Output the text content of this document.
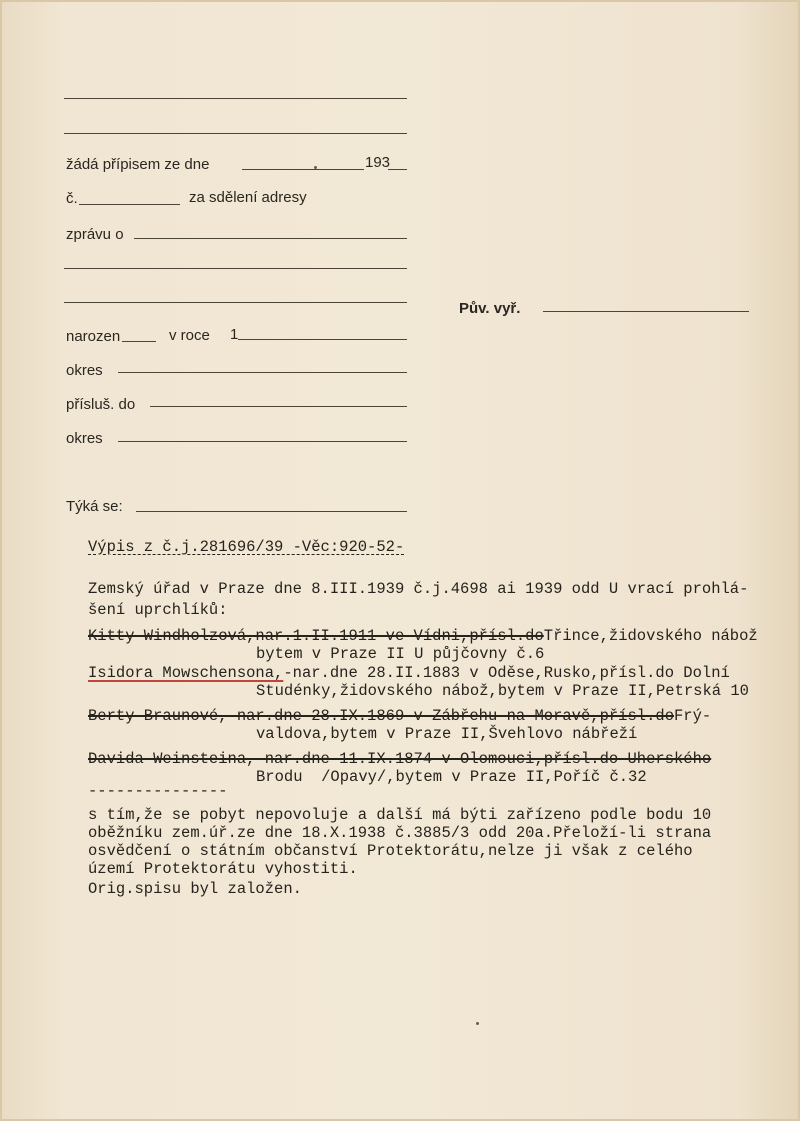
žádá přípisem ze dne	193
č.	za sdělení adresy
zprávu o
Pův. vyř.
narozen	v roce 1
okres
přísluš. do
okres
Týká se:
Výpis z č.j.281696/39 -Věc:920-52-
Zemský úřad v Praze dne 8.III.1939 č.j.4698 ai 1939 odd U vrací prohlá-
šení uprchlíků:
Kitty Windholzová,nar.1.II.1911 ve Vídni,přísl.doTřince,židovského nábož
bytem v Praze II U půjčovny č.6
Isidora Mowschensona,-nar.dne 28.II.1883 v Oděse,Rusko,přísl.do Dolní
Studénky,židovského nábož,bytem v Praze II,Petrská 10
Berty Braunové,-nar.dne 28.IX.1869 v Zábřehu na Moravě,přísl.doFrý-
valdova,bytem v Praze II,Švehlovo nábřeží
Davida Weinsteina,-nar.dne 11.IX.1874 v Olomouci,přísl.do Uherského
Brodu  /Opavy/,bytem v Praze II,Poříč č.32
---------------
s tím,že se pobyt nepovoluje a další má býti zařízeno podle bodu 10
oběžníku zem.úř.ze dne 18.X.1938 č.3885/3 odd 20a.Přeloží-li strana
osvědčení o státním občanství Protektorátu,nelze ji však z celého
území Protektorátu vyhostiti.
Orig.spisu byl založen.
